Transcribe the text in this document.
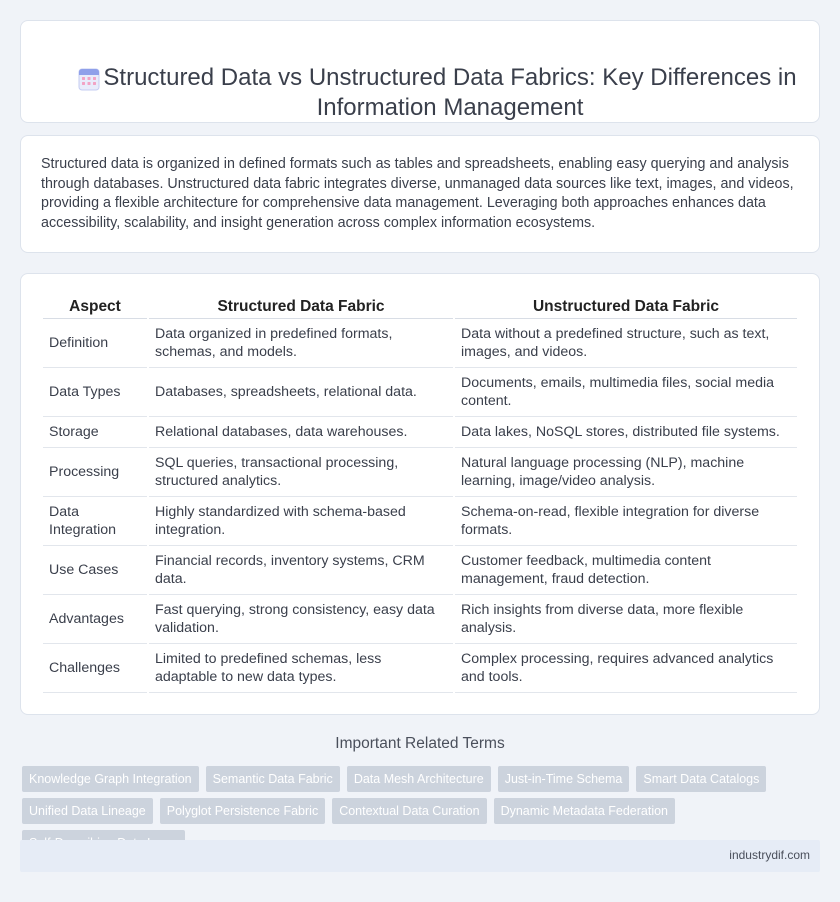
Structured Data vs Unstructured Data Fabrics: Key Differences in Information Management

Structured data is organized in defined formats such as tables and spreadsheets, enabling easy querying and analysis through databases. Unstructured data fabric integrates diverse, unmanaged data sources like text, images, and videos, providing a flexible architecture for comprehensive data management. Leveraging both approaches enhances data accessibility, scalability, and insight generation across complex information ecosystems.

Aspect	Structured Data Fabric	Unstructured Data Fabric
Definition	Data organized in predefined formats, schemas, and models.	Data without a predefined structure, such as text, images, and videos.
Data Types	Databases, spreadsheets, relational data.	Documents, emails, multimedia files, social media content.
Storage	Relational databases, data warehouses.	Data lakes, NoSQL stores, distributed file systems.
Processing	SQL queries, transactional processing, structured analytics.	Natural language processing (NLP), machine learning, image/video analysis.
Data Integration	Highly standardized with schema-based integration.	Schema-on-read, flexible integration for diverse formats.
Use Cases	Financial records, inventory systems, CRM data.	Customer feedback, multimedia content management, fraud detection.
Advantages	Fast querying, strong consistency, easy data validation.	Rich insights from diverse data, more flexible analysis.
Challenges	Limited to predefined schemas, less adaptable to new data types.	Complex processing, requires advanced analytics and tools.
Important Related Terms
Knowledge Graph Integration	Semantic Data Fabric	Data Mesh Architecture	Just-in-Time Schema	Smart Data Catalogs
Unified Data Lineage	Polyglot Persistence Fabric	Contextual Data Curation	Dynamic Metadata Federation
industrydif.com
